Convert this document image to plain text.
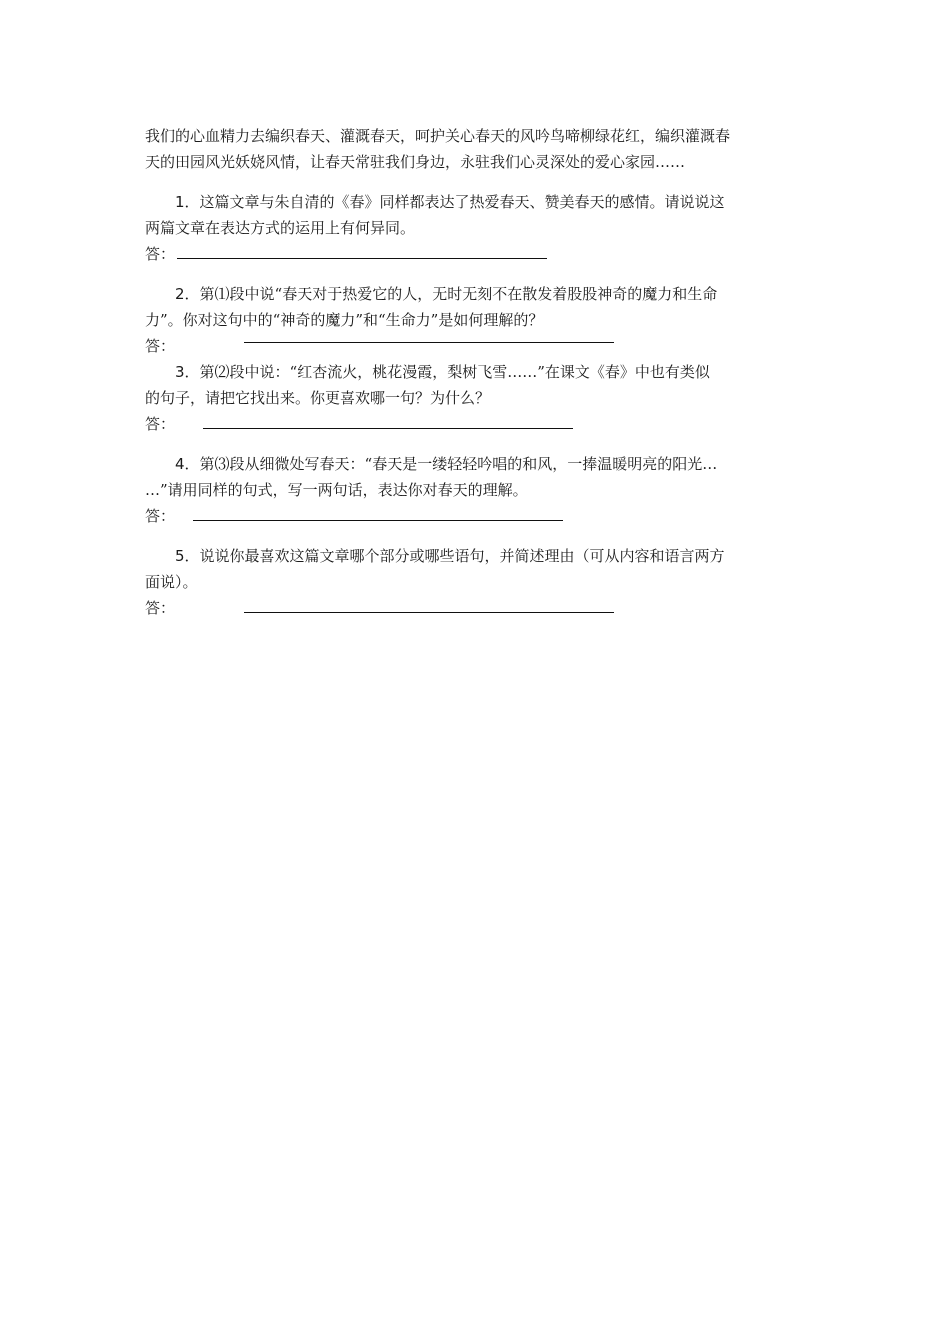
我们的心血精力去编织春天、灌溉春天，呵护关心春天的风吟鸟啼柳绿花红，编织灌溉春
天的田园风光妖娆风情，让春天常驻我们身边，永驻我们心灵深处的爱心家园……
1．这篇文章与朱自清的《春》同样都表达了热爱春天、赞美春天的感情。请说说这
两篇文章在表达方式的运用上有何异同。
答：
2．第⑴段中说“春天对于热爱它的人，无时无刻不在散发着股股神奇的魔力和生命
力”。你对这句中的“神奇的魔力”和“生命力”是如何理解的？
答：
3．第⑵段中说：“红杏流火，桃花漫霞，梨树飞雪……”在课文《春》中也有类似
的句子，请把它找出来。你更喜欢哪一句？为什么？
答：
4．第⑶段从细微处写春天：“春天是一缕轻轻吟唱的和风，一捧温暖明亮的阳光…
…”请用同样的句式，写一两句话，表达你对春天的理解。
答：
5．说说你最喜欢这篇文章哪个部分或哪些语句，并简述理由（可从内容和语言两方
面说）。
答：
